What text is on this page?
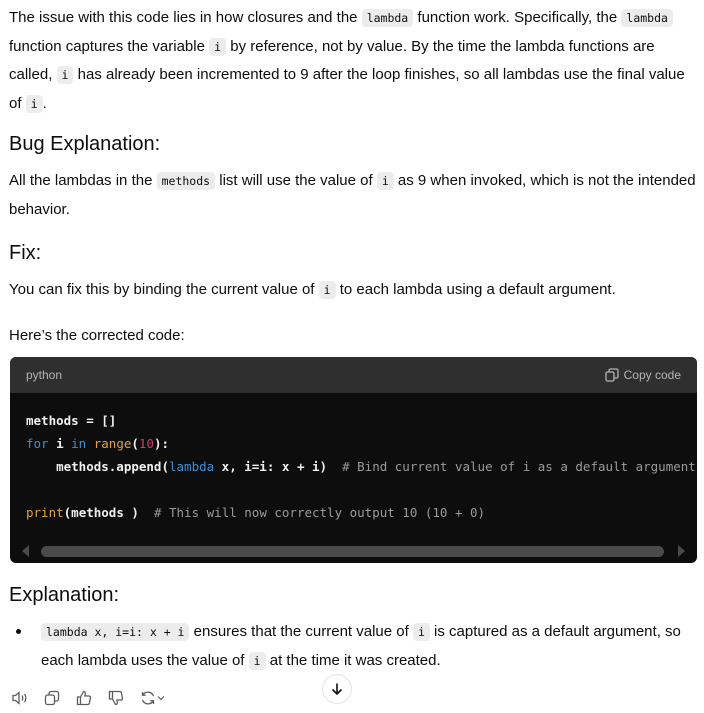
The issue with this code lies in how closures and the lambda function work. Specifically, the lambda function captures the variable i by reference, not by value. By the time the lambda functions are called, i has already been incremented to 9 after the loop finishes, so all lambdas use the final value of i .

Bug Explanation:

All the lambdas in the methods list will use the value of i as 9 when invoked, which is not the intended behavior.

Fix:

You can fix this by binding the current value of i to each lambda using a default argument.

Here’s the corrected code:

Explanation:

lambda x, i=i: x + i ensures that the current value of i is captured as a default argument, so each lambda uses the value of i at the time it was created.

python	Copy code
methods = []
for i in range(10):
methods.append(lambda x, i=i: x + i)  # Bind current value of i as a default argument

print(methods )  # This will now correctly output 10 (10 + 0)
